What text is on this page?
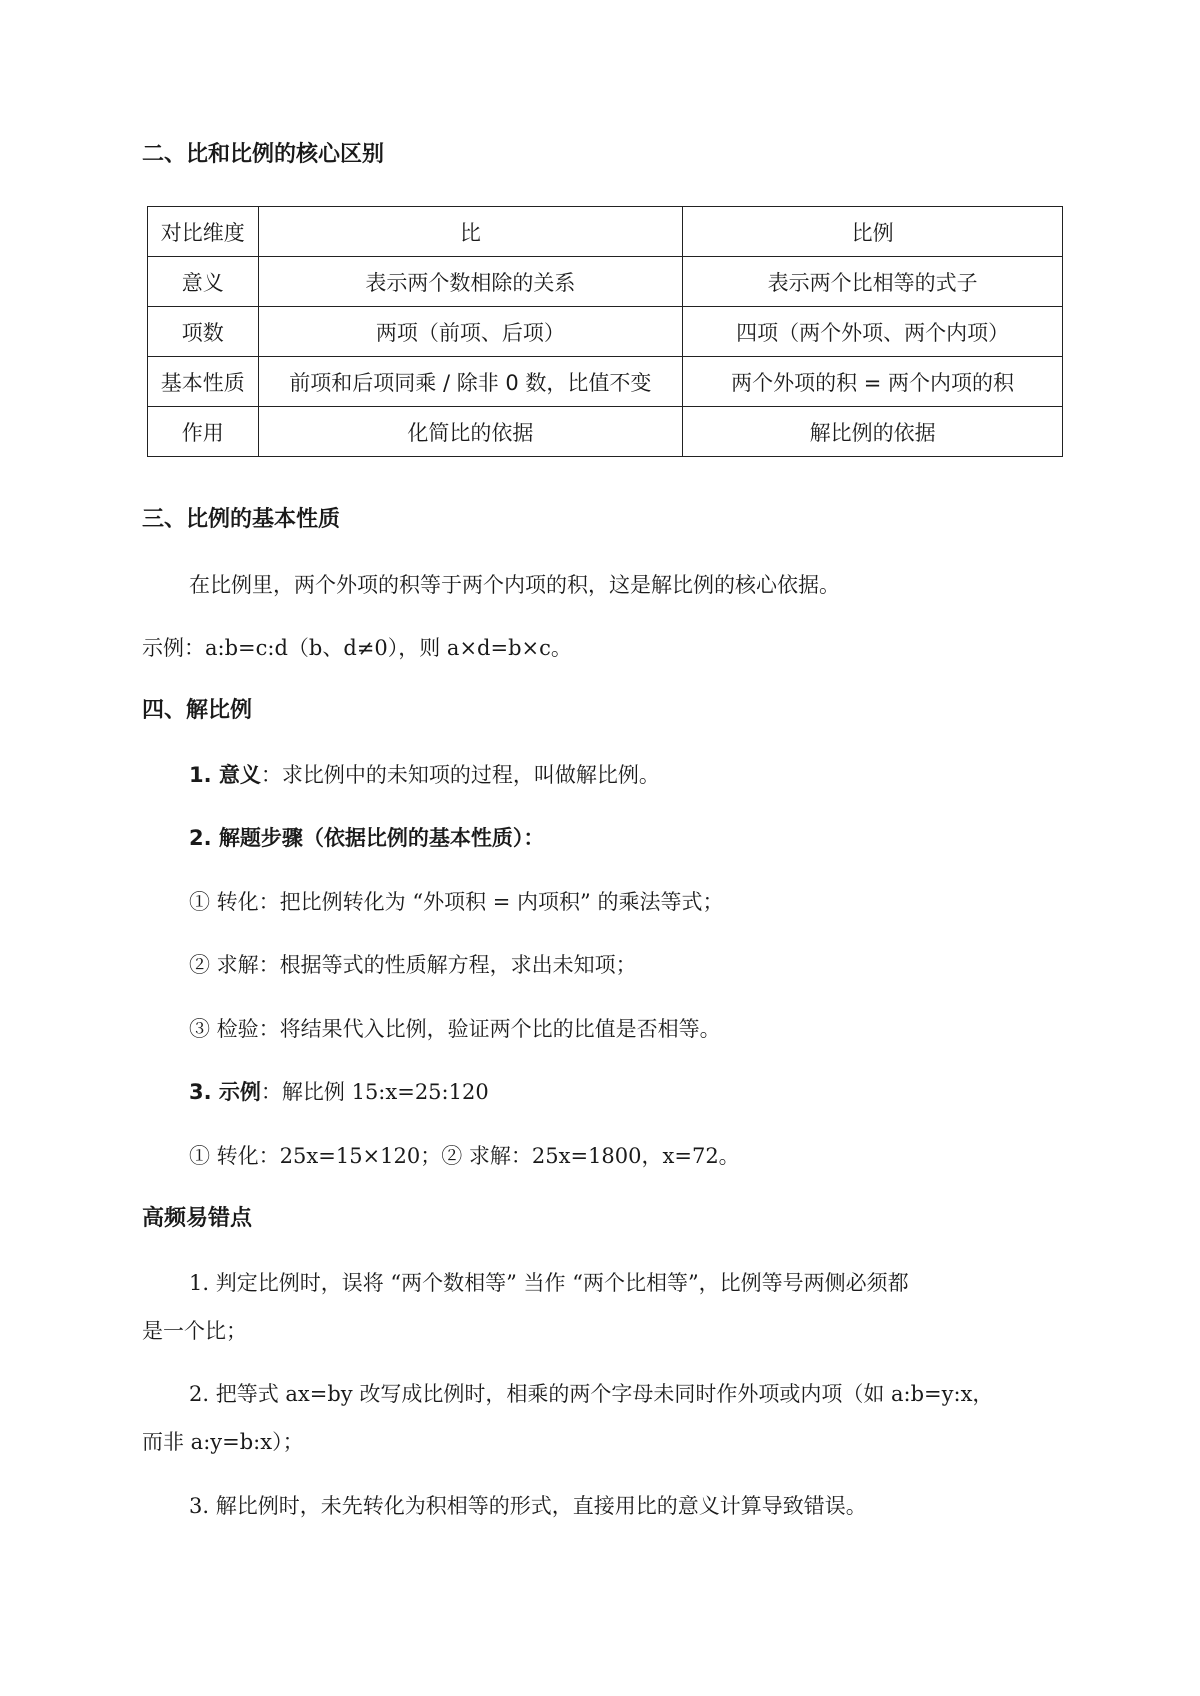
二、比和比例的核心区别
对比维度	比	比例
意义	表示两个数相除的关系	表示两个比相等的式子
项数	两项（前项、后项）	四项（两个外项、两个内项）
基本性质	前项和后项同乘 / 除非 0 数，比值不变	两个外项的积 = 两个内项的积
作用	化简比的依据	解比例的依据
三、比例的基本性质
在比例里，两个外项的积等于两个内项的积，这是解比例的核心依据。
示例：a:b=c:d（b、d≠0），则 a×d=b×c。
四、解比例
1. 意义：求比例中的未知项的过程，叫做解比例。
2. 解题步骤（依据比例的基本性质）：
① 转化：把比例转化为 “外项积 = 内项积” 的乘法等式；
② 求解：根据等式的性质解方程，求出未知项；
③ 检验：将结果代入比例，验证两个比的比值是否相等。
3. 示例：解比例 15:x=25:120
① 转化：25x=15×120；② 求解：25x=1800，x=72。
高频易错点
1. 判定比例时，误将 “两个数相等” 当作 “两个比相等”，比例等号两侧必须都
是一个比；
2. 把等式 ax=by 改写成比例时，相乘的两个字母未同时作外项或内项（如 a:b=y:x，
而非 a:y=b:x）；
3. 解比例时，未先转化为积相等的形式，直接用比的意义计算导致错误。
